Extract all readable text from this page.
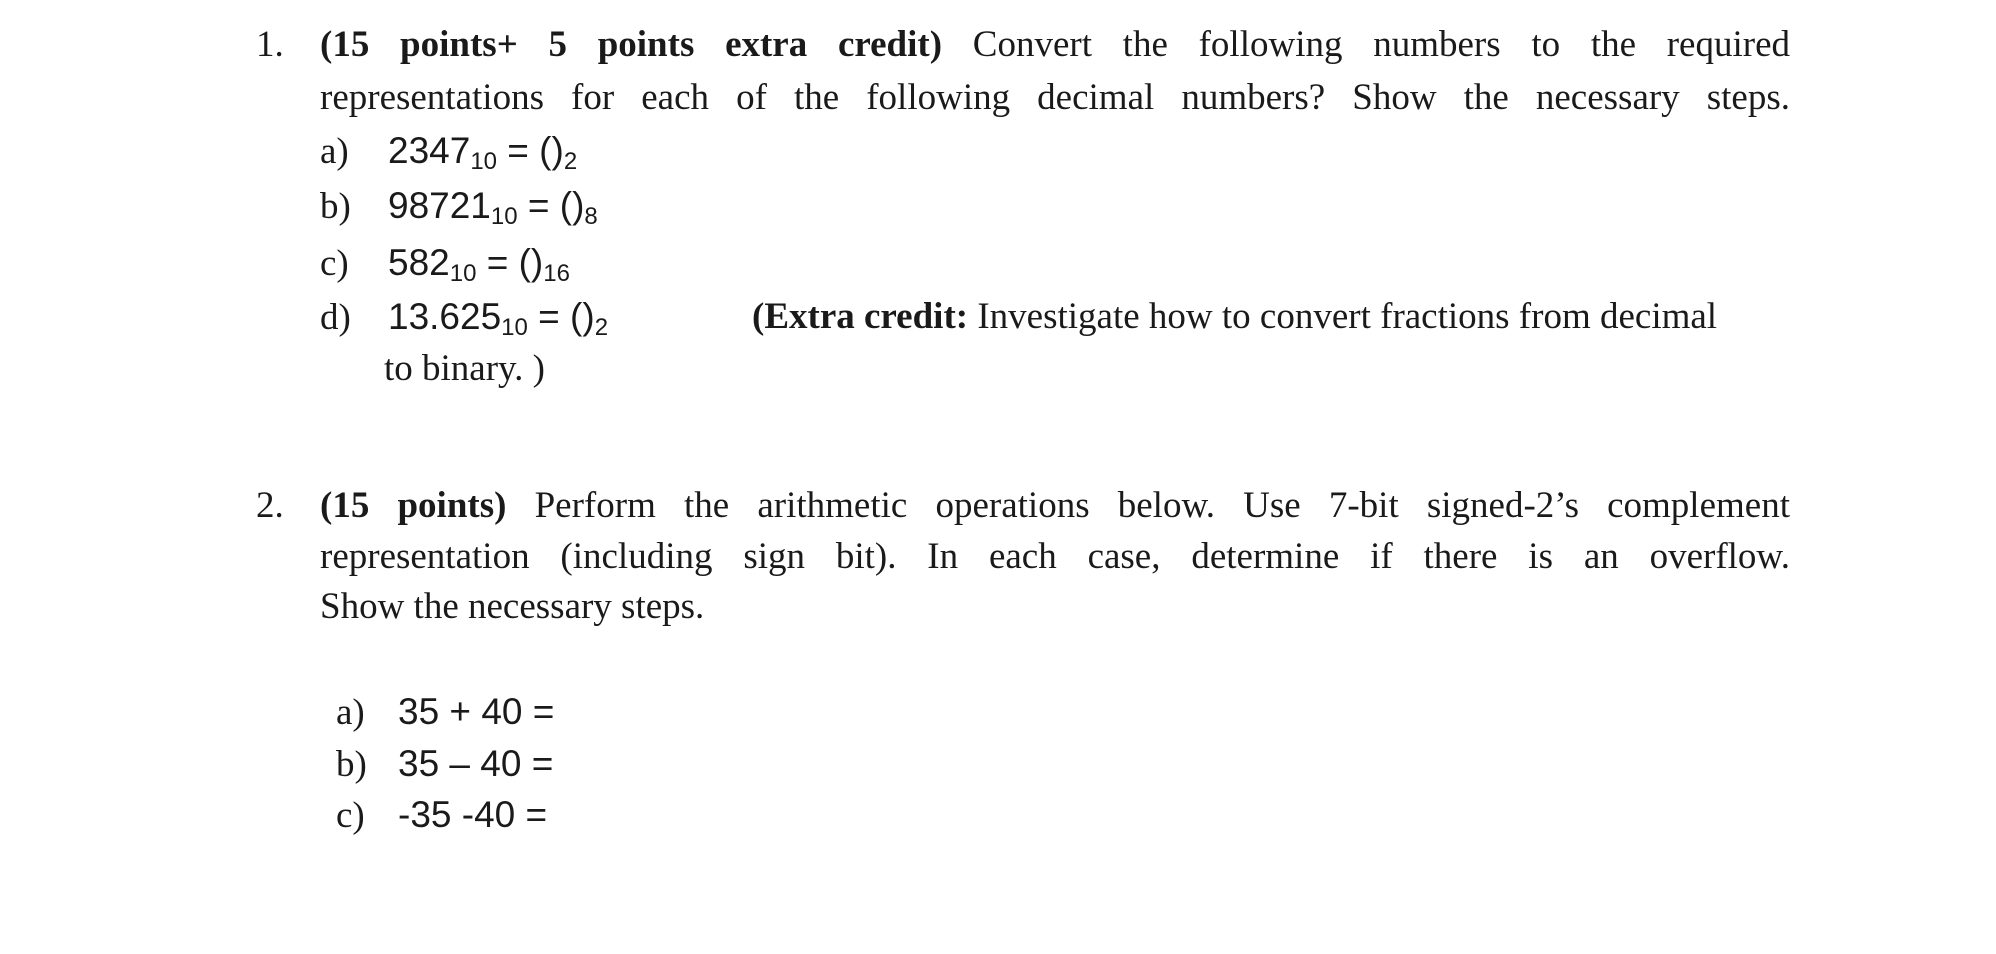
1. (15 points+ 5 points extra credit) Convert the following numbers to the required
representations for each of the following decimal numbers? Show the necessary steps.
a) 234710 = ()2
b) 9872110 = ()8
c) 58210 = ()16
d) 13.62510 = ()2	(Extra credit: Investigate how to convert fractions from decimal
to binary. )
2. (15 points) Perform the arithmetic operations below. Use 7-bit signed-2’s complement
representation (including sign bit). In each case, determine if there is an overflow.
Show the necessary steps.
a) 35 + 40 =
b) 35 – 40 =
c) -35 -40 =
